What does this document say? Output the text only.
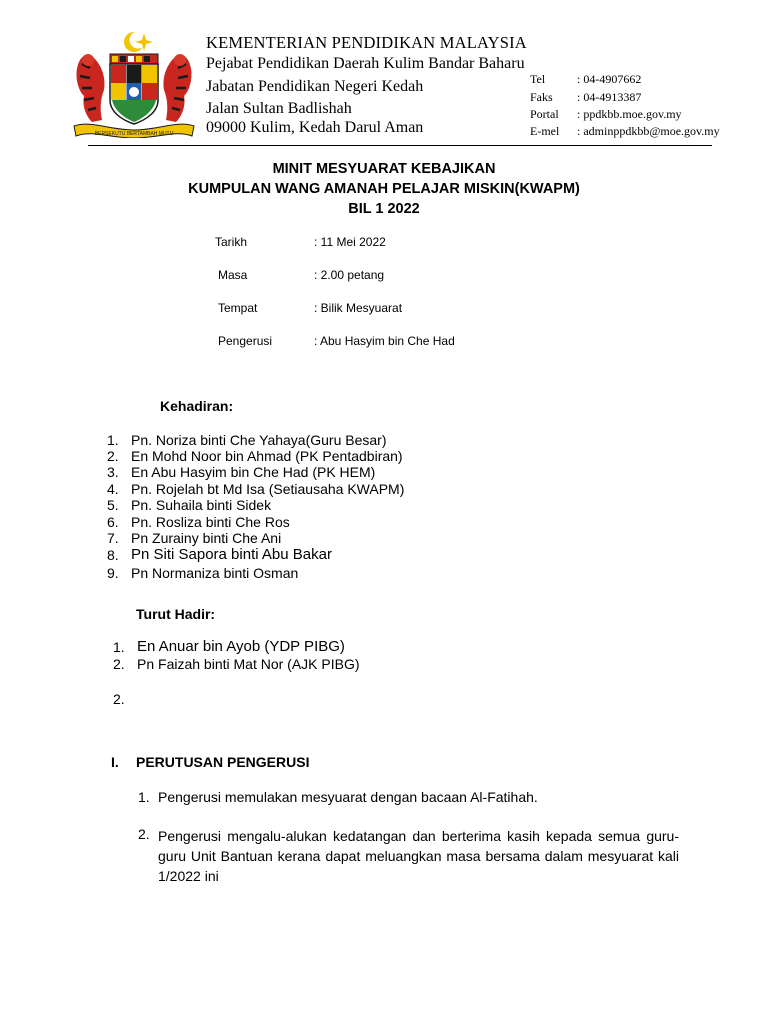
BERSEKUTU BERTAMBAH MUTU
KEMENTERIAN PENDIDIKAN MALAYSIA
Pejabat Pendidikan Daerah Kulim Bandar Baharu
Jabatan Pendidikan Negeri Kedah
Jalan Sultan Badlishah
09000 Kulim, Kedah Darul Aman
Tel	: 04-4907662
Faks : 04-4913387
Portal : ppdkbb.moe.gov.my
E-mel : adminppdkbb@moe.gov.my
MINIT MESYUARAT KEBAJIKAN
KUMPULAN WANG AMANAH PELAJAR MISKIN(KWAPM)
BIL 1 2022
Tarikh	: 11 Mei 2022
Masa	: 2.00 petang
Tempat	: Bilik Mesyuarat
Pengerusi	: Abu Hasyim bin Che Had
Kehadiran:
1. Pn. Noriza binti Che Yahaya(Guru Besar)
2. En Mohd Noor bin Ahmad (PK Pentadbiran)
3. En Abu Hasyim bin Che Had (PK HEM)
4. Pn. Rojelah bt Md Isa (Setiausaha KWAPM)
5. Pn. Suhaila binti Sidek
6. Pn. Rosliza binti Che Ros
7. Pn Zurainy binti Che Ani
8. Pn Siti Sapora binti Abu Bakar
9. Pn Normaniza binti Osman
Turut Hadir:
1. En Anuar bin Ayob (YDP PIBG)
2. Pn Faizah binti Mat Nor (AJK PIBG)
2.
I. PERUTUSAN PENGERUSI
1. Pengerusi memulakan mesyuarat dengan bacaan Al-Fatihah.
2. Pengerusi mengalu-alukan kedatangan dan berterima kasih kepada semua guru-guru Unit Bantuan kerana dapat meluangkan masa bersama dalam mesyuarat kali 1/2022 ini
